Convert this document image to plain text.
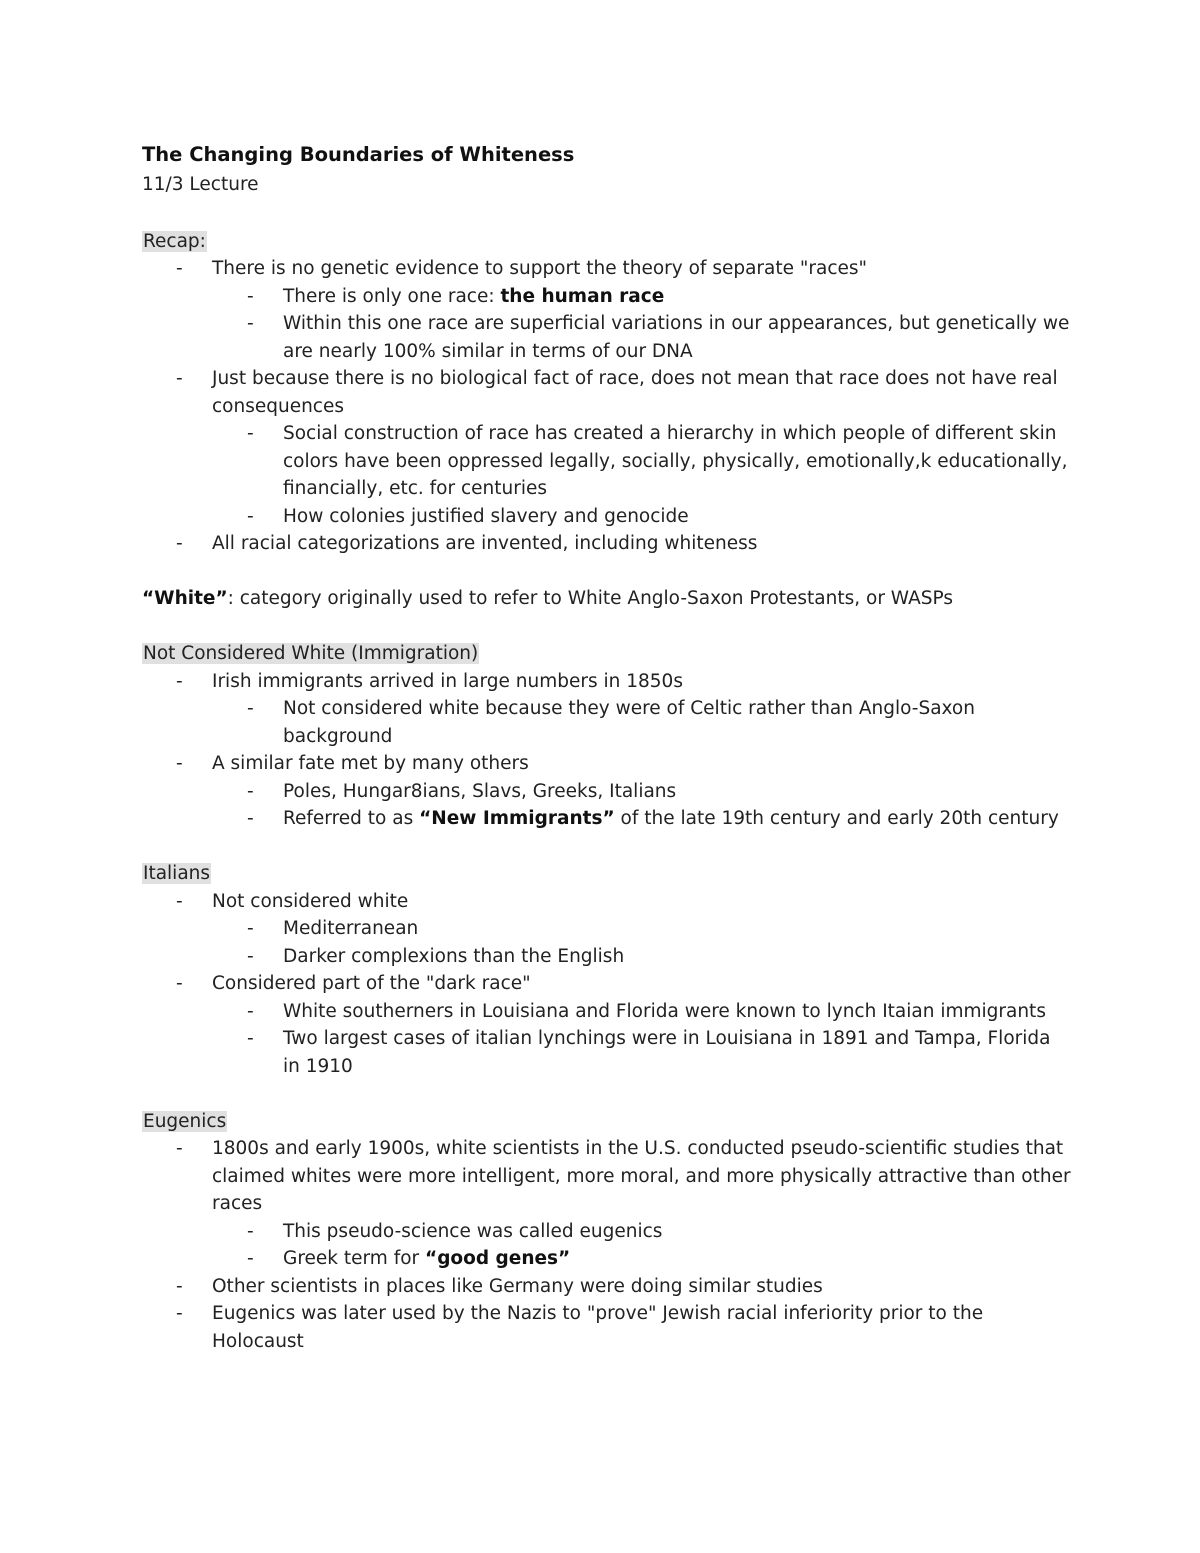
The Changing Boundaries of Whiteness
11/3 Lecture
Recap:
- There is no genetic evidence to support the theory of separate "races"
- There is only one race: the human race
- Within this one race are superficial variations in our appearances, but genetically we are nearly 100% similar in terms of our DNA
- Just because there is no biological fact of race, does not mean that race does not have real consequences
- Social construction of race has created a hierarchy in which people of different skin colors have been oppressed legally, socially, physically, emotionally,k educationally, financially, etc. for centuries
- How colonies justified slavery and genocide
- All racial categorizations are invented, including whiteness
“White”: category originally used to refer to White Anglo-Saxon Protestants, or WASPs
Not Considered White (Immigration)
- Irish immigrants arrived in large numbers in 1850s
- Not considered white because they were of Celtic rather than Anglo-Saxon background
- A similar fate met by many others
- Poles, Hungar8ians, Slavs, Greeks, Italians
- Referred to as “New Immigrants” of the late 19th century and early 20th century
Italians
- Not considered white
- Mediterranean
- Darker complexions than the English
- Considered part of the "dark race"
- White southerners in Louisiana and Florida were known to lynch Itaian immigrants
- Two largest cases of italian lynchings were in Louisiana in 1891 and Tampa, Florida in 1910
Eugenics
- 1800s and early 1900s, white scientists in the U.S. conducted pseudo-scientific studies that claimed whites were more intelligent, more moral, and more physically attractive than other races
- This pseudo-science was called eugenics
- Greek term for “good genes”
- Other scientists in places like Germany were doing similar studies
- Eugenics was later used by the Nazis to "prove" Jewish racial inferiority prior to the Holocaust
